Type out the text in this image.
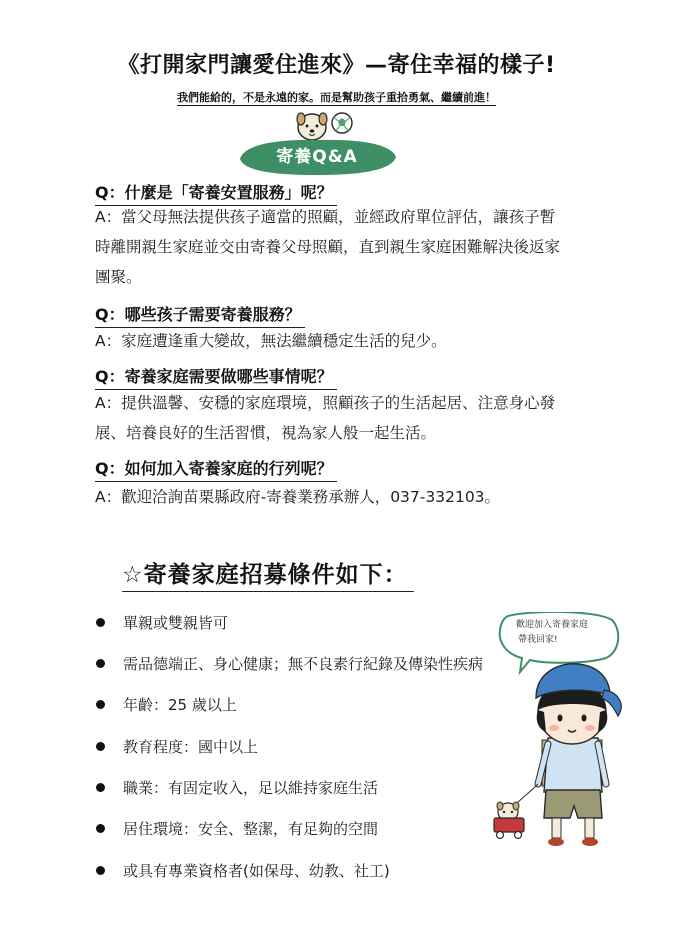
《打開家門讓愛住進來》—寄住幸福的樣子!
我們能給的，不是永遠的家。而是幫助孩子重拾勇氣、繼續前進！
寄養Q&A
Q：什麼是「寄養安置服務」呢？
A：當父母無法提供孩子適當的照顧，並經政府單位評估，讓孩子暫
時離開親生家庭並交由寄養父母照顧，直到親生家庭困難解決後返家
團聚。
Q：哪些孩子需要寄養服務？
A：家庭遭逢重大變故，無法繼續穩定生活的兒少。
Q：寄養家庭需要做哪些事情呢？
A：提供溫馨、安穩的家庭環境，照顧孩子的生活起居、注意身心發
展、培養良好的生活習慣，視為家人般一起生活。
Q：如何加入寄養家庭的行列呢？
A：歡迎洽詢苗栗縣政府-寄養業務承辦人，037-332103。
☆寄養家庭招募條件如下：
單親或雙親皆可
需品德端正、身心健康；無不良素行紀錄及傳染性疾病
年齡：25 歲以上
教育程度：國中以上
職業：有固定收入，足以維持家庭生活
居住環境：安全、整潔，有足夠的空間
或具有專業資格者(如保母、幼教、社工)
歡迎加入寄養家庭
帶我回家!
